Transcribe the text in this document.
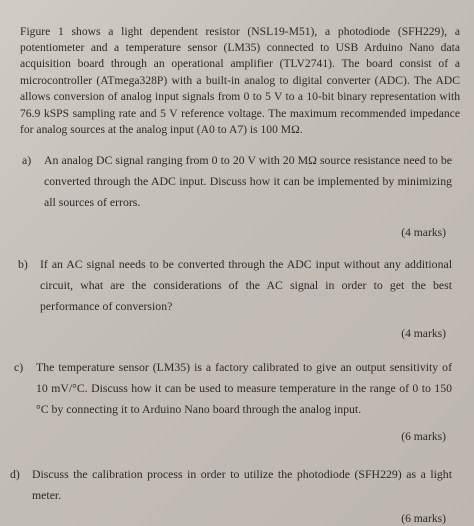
Figure 1 shows a light dependent resistor (NSL19-M51), a photodiode (SFH229), a potentiometer and a temperature sensor (LM35) connected to USB Arduino Nano data acquisition board through an operational amplifier (TLV2741). The board consist of a microcontroller (ATmega328P) with a built-in analog to digital converter (ADC). The ADC allows conversion of analog input signals from 0 to 5 V to a 10-bit binary representation with 76.9 kSPS sampling rate and 5 V reference voltage. The maximum recommended impedance for analog sources at the analog input (A0 to A7) is 100 MΩ.

a)	An analog DC signal ranging from 0 to 20 V with 20 MΩ source resistance need to be converted through the ADC input. Discuss how it can be implemented by minimizing all sources of errors.
(4 marks)
b)	If an AC signal needs to be converted through the ADC input without any additional circuit, what are the considerations of the AC signal in order to get the best performance of conversion?
(4 marks)
c)	The temperature sensor (LM35) is a factory calibrated to give an output sensitivity of 10 mV/°C. Discuss how it can be used to measure temperature in the range of 0 to 150 °C by connecting it to Arduino Nano board through the analog input.
(6 marks)
d)	Discuss the calibration process in order to utilize the photodiode (SFH229) as a light meter.
(6 marks)
